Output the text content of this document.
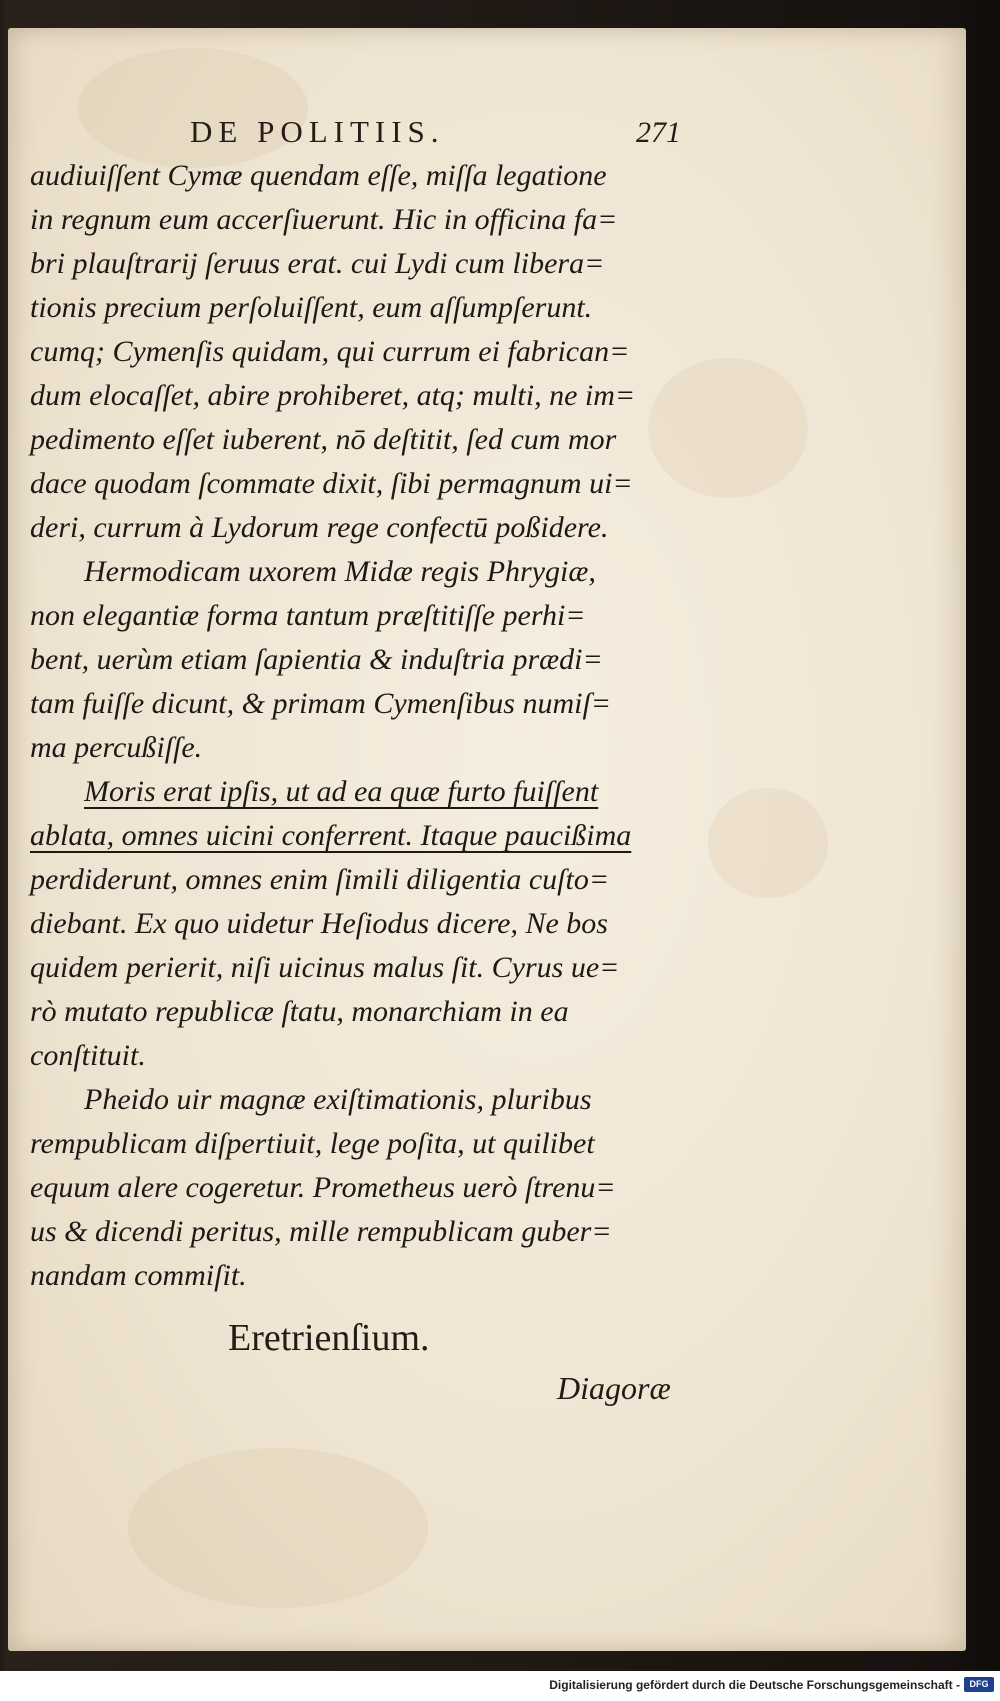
DE POLITIIS.	271

audiuiſſent Cymæ quendam eſſe, miſſa legatione
in regnum eum accerſiuerunt. Hic in officina fa=
bri plauſtrarij ſeruus erat. cui Lydi cum libera=
tionis precium perſoluiſſent, eum aſſumpſerunt.
cumq; Cymenſis quidam, qui currum ei fabrican=
dum elocaſſet, abire prohiberet, atq; multi, ne im=
pedimento eſſet iuberent, nō deſtitit, ſed cum mor
dace quodam ſcommate dixit, ſibi permagnum ui=
deri, currum à Lydorum rege confectū poßidere.
Hermodicam uxorem Midæ regis Phrygiæ,
non elegantiæ forma tantum præſtitiſſe perhi=
bent, uerùm etiam ſapientia & induſtria prædi=
tam fuiſſe dicunt, & primam Cymenſibus numiſ=
ma percußiſſe.
Moris erat ipſis, ut ad ea quæ furto fuiſſent
ablata, omnes uicini conferrent. Itaque paucißima
perdiderunt, omnes enim ſimili diligentia cuſto=
diebant. Ex quo uidetur Heſiodus dicere, Ne bos
quidem perierit, niſi uicinus malus ſit. Cyrus ue=
rò mutato republicæ ſtatu, monarchiam in ea
conſtituit.
Pheido uir magnæ exiſtimationis, pluribus
rempublicam diſpertiuit, lege poſita, ut quilibet
equum alere cogeretur. Prometheus uerò ſtrenu=
us & dicendi peritus, mille rempublicam guber=
nandam commiſit.

Eretrienſium.
Diagoræ
Digitalisierung gefördert durch die Deutsche Forschungsgemeinschaft -	DFG
